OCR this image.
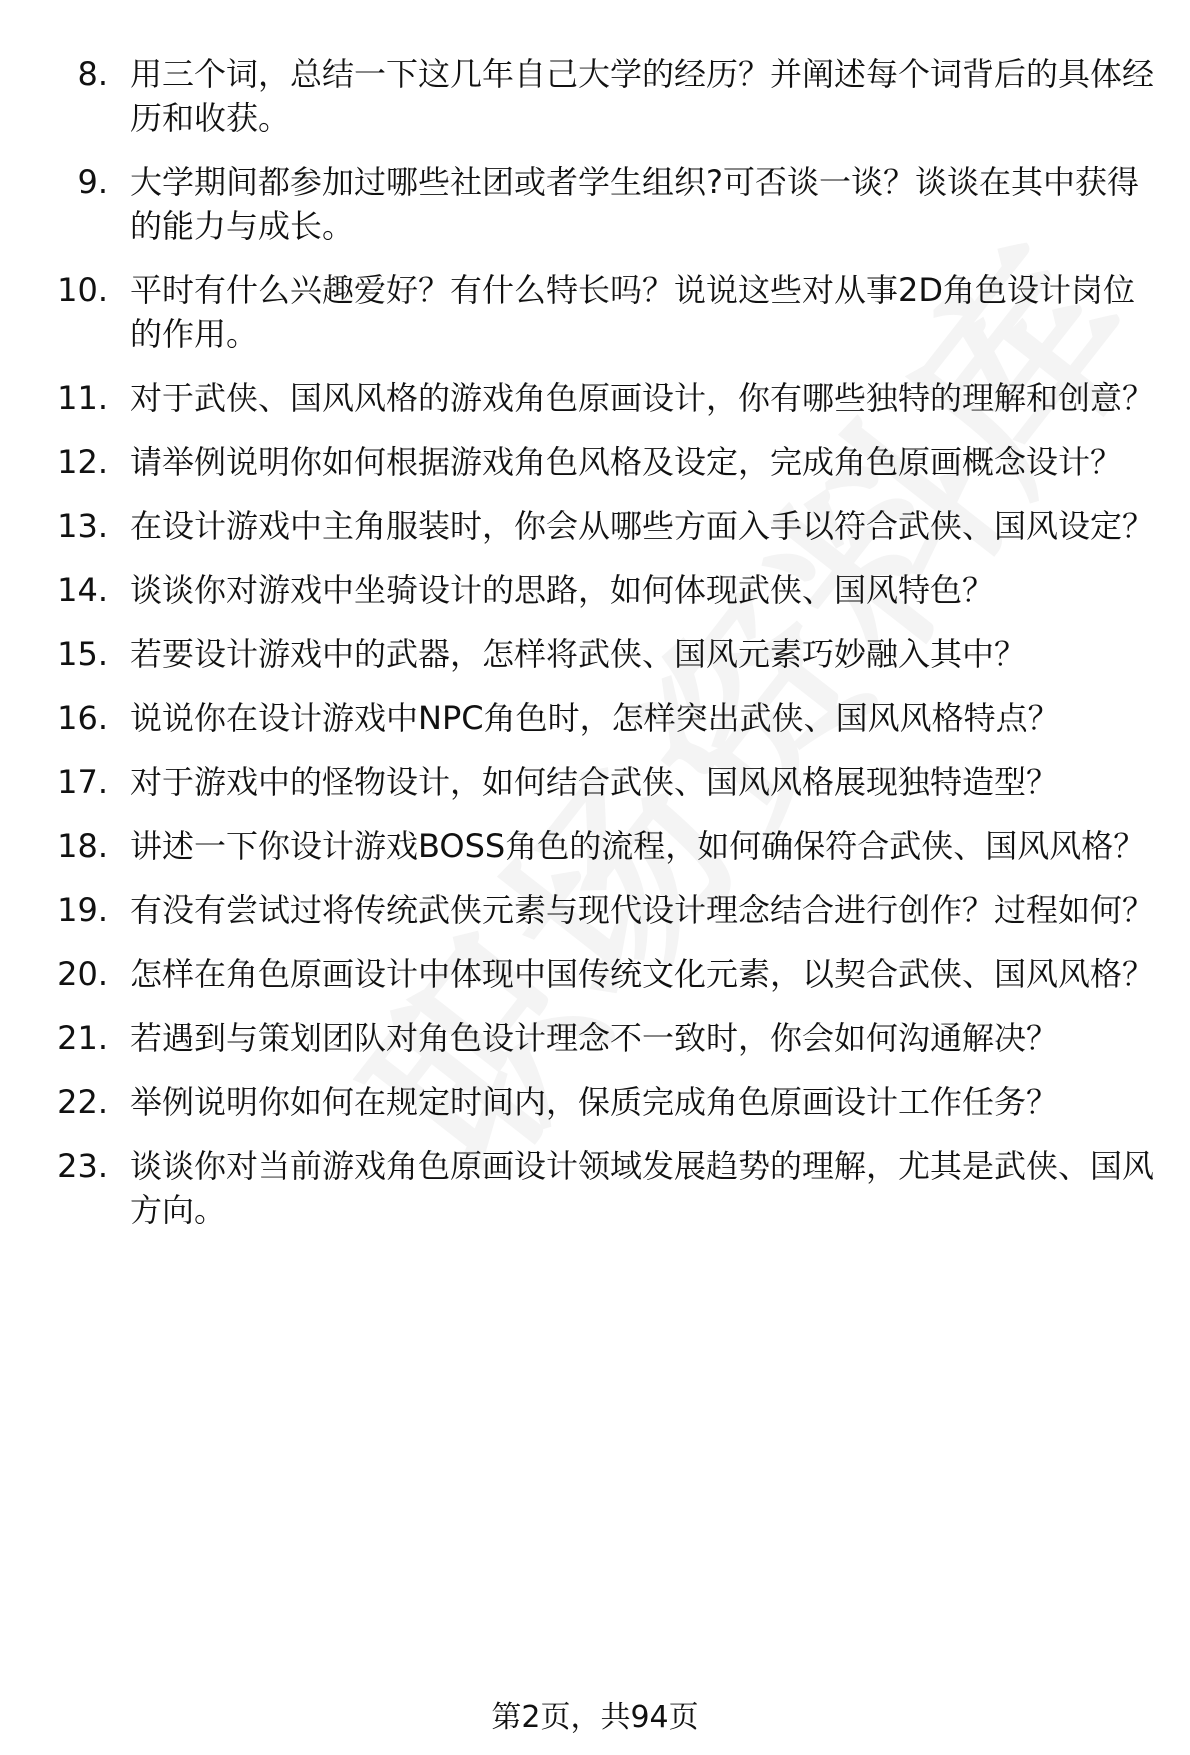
8. 用三个词，总结一下这几年自己大学的经历？并阐述每个词背后的具体经历和收获。
9. 大学期间都参加过哪些社团或者学生组织?可否谈一谈？谈谈在其中获得的能力与成长。
10. 平时有什么兴趣爱好？有什么特长吗？说说这些对从事2D角色设计岗位的作用。
11. 对于武侠、国风风格的游戏角色原画设计，你有哪些独特的理解和创意？
12. 请举例说明你如何根据游戏角色风格及设定，完成角色原画概念设计？
13. 在设计游戏中主角服装时，你会从哪些方面入手以符合武侠、国风设定？
14. 谈谈你对游戏中坐骑设计的思路，如何体现武侠、国风特色？
15. 若要设计游戏中的武器，怎样将武侠、国风元素巧妙融入其中？
16. 说说你在设计游戏中NPC角色时，怎样突出武侠、国风风格特点？
17. 对于游戏中的怪物设计，如何结合武侠、国风风格展现独特造型？
18. 讲述一下你设计游戏BOSS角色的流程，如何确保符合武侠、国风风格？
19. 有没有尝试过将传统武侠元素与现代设计理念结合进行创作？过程如何？
20. 怎样在角色原画设计中体现中国传统文化元素，以契合武侠、国风风格？
21. 若遇到与策划团队对角色设计理念不一致时，你会如何沟通解决？
22. 举例说明你如何在规定时间内，保质完成角色原画设计工作任务？
23. 谈谈你对当前游戏角色原画设计领域发展趋势的理解，尤其是武侠、国风方向。
第2页，共94页
